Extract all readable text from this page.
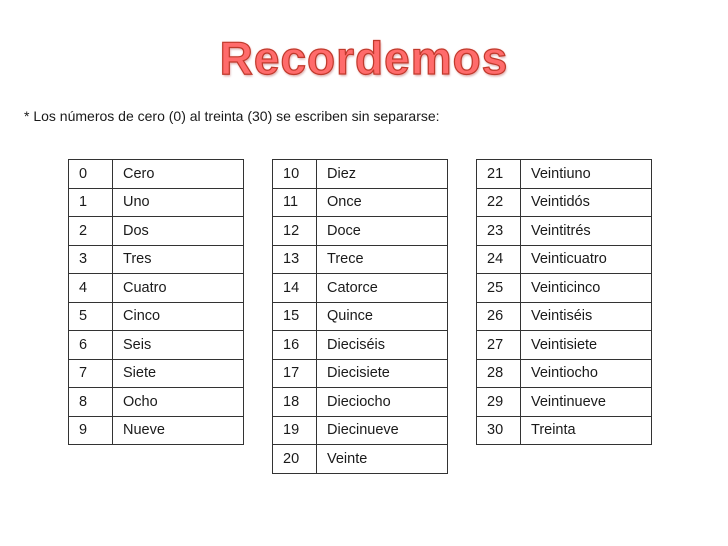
Recordemos

* Los números de cero (0) al treinta (30) se escriben sin separarse:

0	Cero
1	Uno
2	Dos
3	Tres
4	Cuatro
5	Cinco
6	Seis
7	Siete
8	Ocho
9	Nueve
10	Diez
11	Once
12	Doce
13	Trece
14	Catorce
15	Quince
16	Dieciséis
17	Diecisiete
18	Dieciocho
19	Diecinueve
20	Veinte
21	Veintiuno
22	Veintidós
23	Veintitrés
24	Veinticuatro
25	Veinticinco
26	Veintiséis
27	Veintisiete
28	Veintiocho
29	Veintinueve
30	Treinta
